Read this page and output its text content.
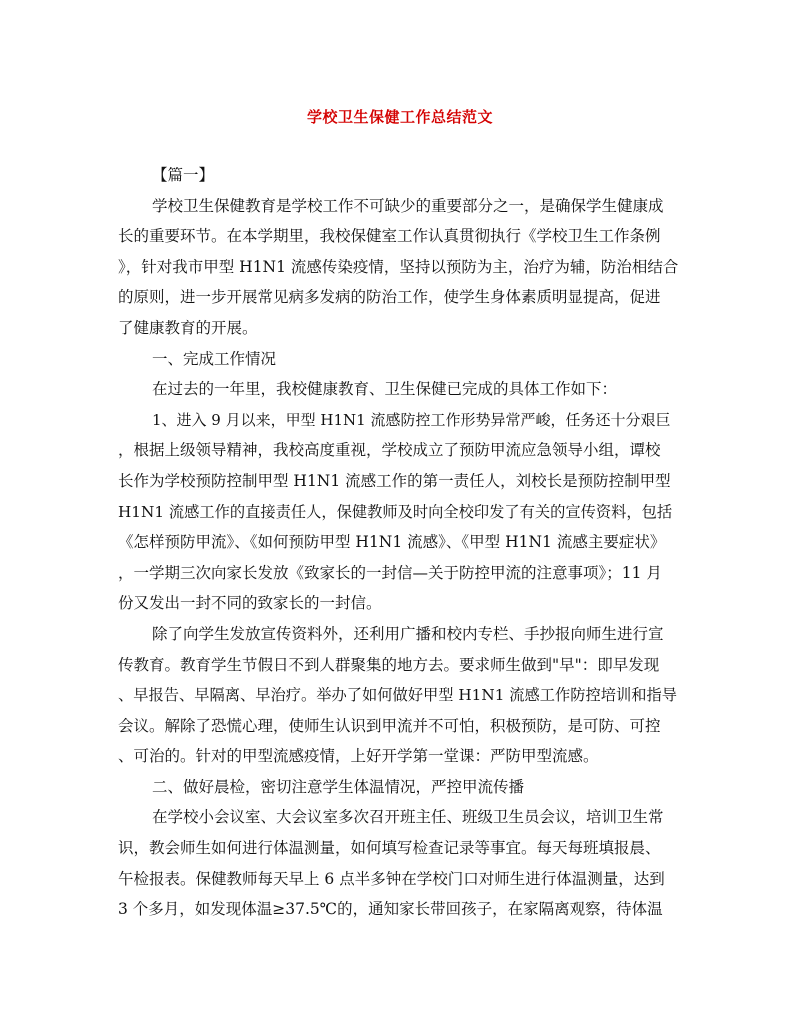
学校卫生保健工作总结范文
【篇一】
学校卫生保健教育是学校工作不可缺少的重要部分之一，是确保学生健康成
长的重要环节。在本学期里，我校保健室工作认真贯彻执行《学校卫生工作条例
》，针对我市甲型 H1N1 流感传染疫情，坚持以预防为主，治疗为辅，防治相结合
的原则，进一步开展常见病多发病的防治工作，使学生身体素质明显提高，促进
了健康教育的开展。
一、完成工作情况
在过去的一年里，我校健康教育、卫生保健已完成的具体工作如下：
1、进入 9 月以来，甲型 H1N1 流感防控工作形势异常严峻，任务还十分艰巨
，根据上级领导精神，我校高度重视，学校成立了预防甲流应急领导小组，谭校
长作为学校预防控制甲型 H1N1 流感工作的第一责任人，刘校长是预防控制甲型
H1N1 流感工作的直接责任人，保健教师及时向全校印发了有关的宣传资料，包括
《怎样预防甲流》、《如何预防甲型 H1N1 流感》、《甲型 H1N1 流感主要症状》
，一学期三次向家长发放《致家长的一封信—关于防控甲流的注意事项》；11 月
份又发出一封不同的致家长的一封信。
除了向学生发放宣传资料外，还利用广播和校内专栏、手抄报向师生进行宣
传教育。教育学生节假日不到人群聚集的地方去。要求师生做到"早"：即早发现
、早报告、早隔离、早治疗。举办了如何做好甲型 H1N1 流感工作防控培训和指导
会议。解除了恐慌心理，使师生认识到甲流并不可怕，积极预防，是可防、可控
、可治的。针对的甲型流感疫情，上好开学第一堂课：严防甲型流感。
二、做好晨检，密切注意学生体温情况，严控甲流传播
在学校小会议室、大会议室多次召开班主任、班级卫生员会议，培训卫生常
识，教会师生如何进行体温测量，如何填写检查记录等事宜。每天每班填报晨、
午检报表。保健教师每天早上 6 点半多钟在学校门口对师生进行体温测量，达到
3 个多月，如发现体温≥37.5℃的，通知家长带回孩子，在家隔离观察，待体温
